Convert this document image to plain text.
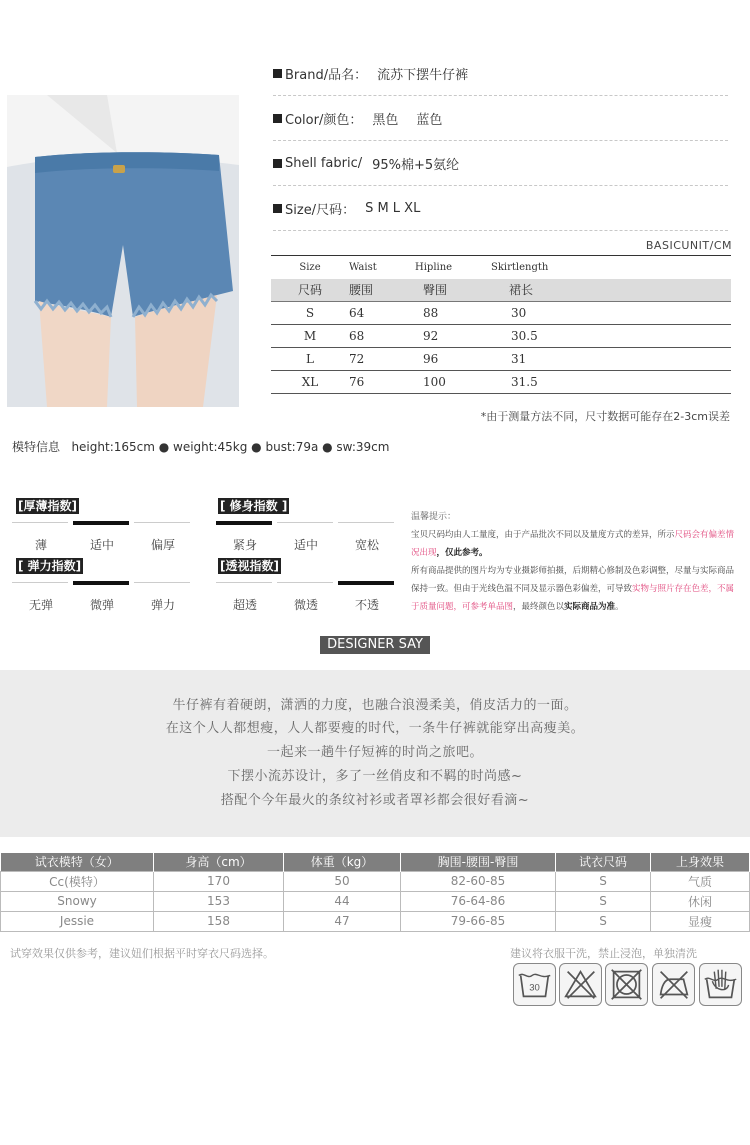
Brand/品名： 流苏下摆牛仔裤
Color/颜色： 黑色 蓝色
Shell fabric/ 95%棉+5氨纶
Size/尺码： S M L XL
BASICUNIT/CM
Size	Waist	Hipline	Skirtlength
尺码	腰围	臀围	裙长
S	64	88	30
M	68	92	30.5
L	72	96	31
XL	76	100	31.5
*由于测量方法不同，尺寸数据可能存在2-3cm误差
模特信息   height:165cm ● weight:45kg ● bust:79a ● sw:39cm
[厚薄指数]	[ 修身指数 ]
[ 弹力指数]	[透视指数]
薄	适中	偏厚	紧身	适中	宽松
无弹	微弹	弹力	超透	微透	不透
温馨提示：
宝贝尺码均由人工量度，由于产品批次不同以及量度方式的差异，所示尺码会有偏差情况出现，仅此参考。
所有商品提供的图片均为专业摄影师拍摄，后期精心修制及色彩调整，尽量与实际商品保持一致。但由于光线色温不同及显示器色彩偏差，可导致实物与照片存在色差，不属于质量问题，可参考单品图，最终颜色以实际商品为准。
DESIGNER SAY
牛仔裤有着硬朗，潇洒的力度，也融合浪漫柔美，俏皮活力的一面。
在这个人人都想瘦，人人都要瘦的时代，一条牛仔裤就能穿出高瘦美。
一起来一趟牛仔短裤的时尚之旅吧。
下摆小流苏设计，多了一丝俏皮和不羁的时尚感~
搭配个今年最火的条纹衬衫或者罩衫都会很好看滴~
试衣模特（女）	身高（cm）	体重（kg）	胸围-腰围-臀围	试衣尺码	上身效果
Cc(模特）	170	50	82-60-85	S	气质
Snowy	153	44	76-64-86	S	休闲
Jessie	158	47	79-66-85	S	显瘦
试穿效果仅供参考，建议妞们根据平时穿衣尺码选择。	建议将衣服干洗，禁止浸泡，单独清洗
30
